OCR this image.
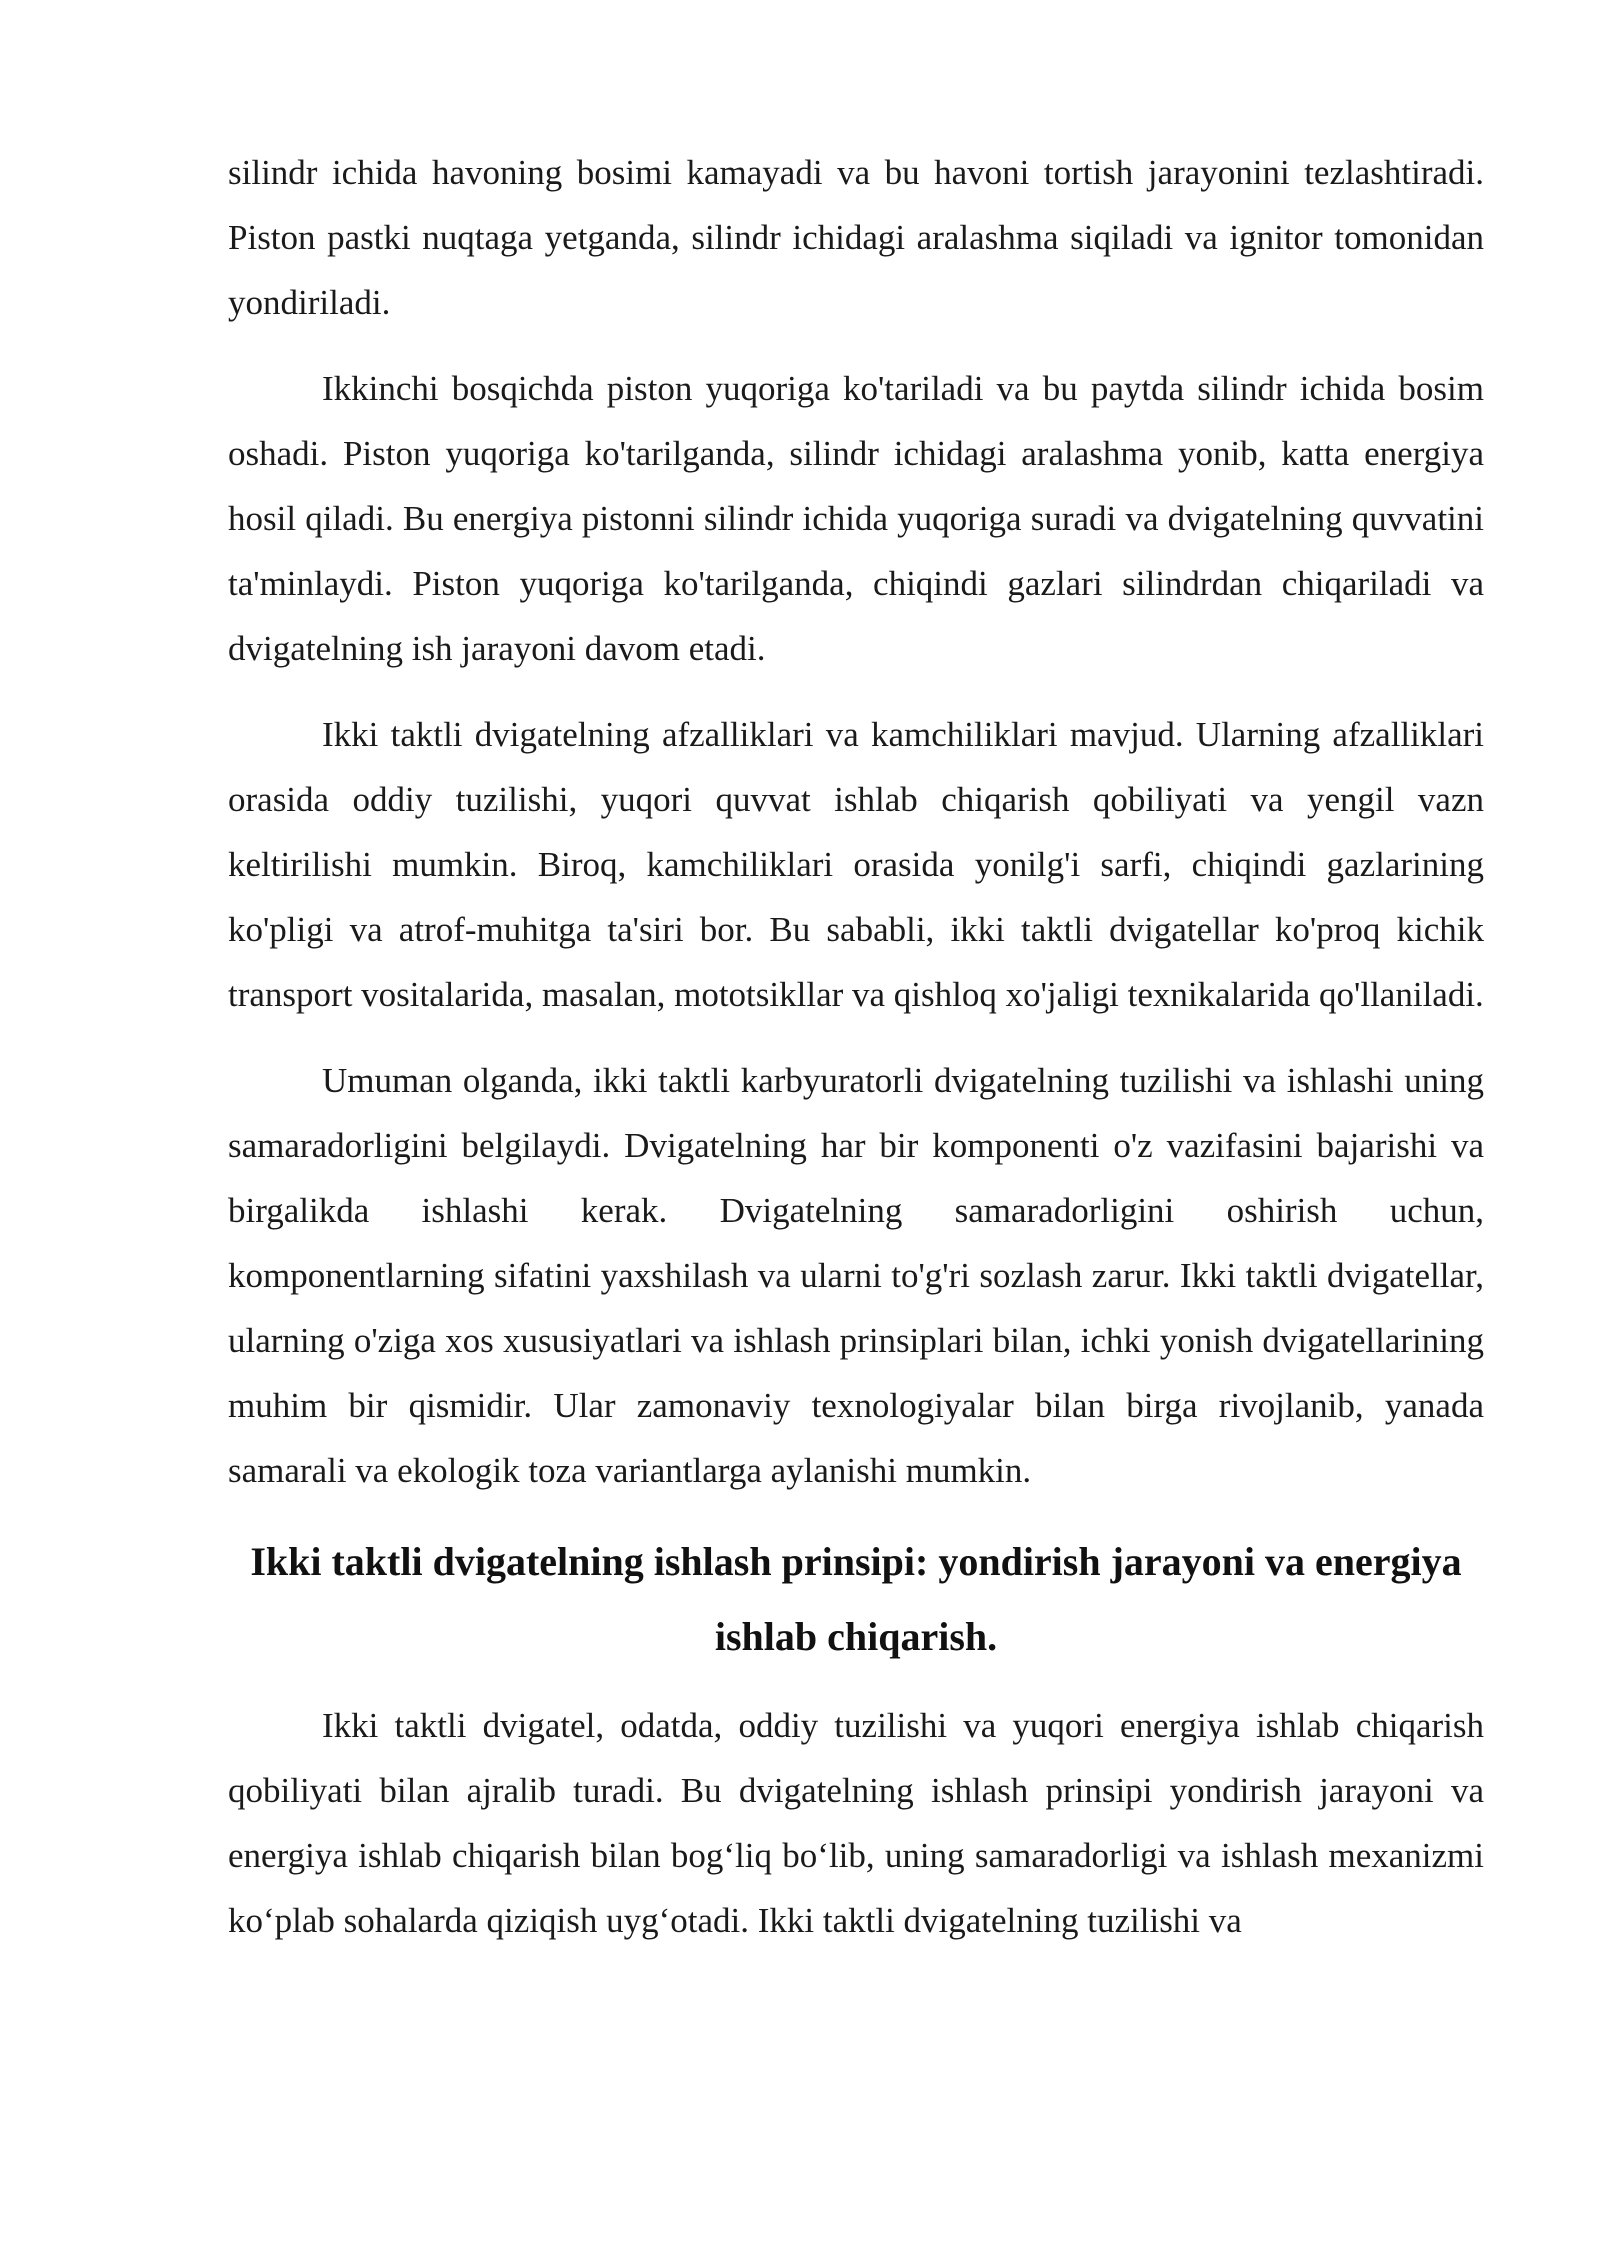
silindr ichida havoning bosimi kamayadi va bu havoni tortish jarayonini tezlashtiradi. Piston pastki nuqtaga yetganda, silindr ichidagi aralashma siqiladi va ignitor tomonidan yondiriladi.

Ikkinchi bosqichda piston yuqoriga ko'tariladi va bu paytda silindr ichida bosim oshadi. Piston yuqoriga ko'tarilganda, silindr ichidagi aralashma yonib, katta energiya hosil qiladi. Bu energiya pistonni silindr ichida yuqoriga suradi va dvigatelning quvvatini ta'minlaydi. Piston yuqoriga ko'tarilganda, chiqindi gazlari silindrdan chiqariladi va dvigatelning ish jarayoni davom etadi.

Ikki taktli dvigatelning afzalliklari va kamchiliklari mavjud. Ularning afzalliklari orasida oddiy tuzilishi, yuqori quvvat ishlab chiqarish qobiliyati va yengil vazn keltirilishi mumkin. Biroq, kamchiliklari orasida yonilg'i sarfi, chiqindi gazlarining ko'pligi va atrof-muhitga ta'siri bor. Bu sababli, ikki taktli dvigatellar ko'proq kichik transport vositalarida, masalan, mototsikllar va qishloq xo'jaligi texnikalarida qo'llaniladi.

Umuman olganda, ikki taktli karbyuratorli dvigatelning tuzilishi va ishlashi uning samaradorligini belgilaydi. Dvigatelning har bir komponenti o'z vazifasini bajarishi va birgalikda ishlashi kerak. Dvigatelning samaradorligini oshirish uchun, komponentlarning sifatini yaxshilash va ularni to'g'ri sozlash zarur. Ikki taktli dvigatellar, ularning o'ziga xos xususiyatlari va ishlash prinsiplari bilan, ichki yonish dvigatellarining muhim bir qismidir. Ular zamonaviy texnologiyalar bilan birga rivojlanib, yanada samarali va ekologik toza variantlarga aylanishi mumkin.

Ikki taktli dvigatelning ishlash prinsipi: yondirish jarayoni va energiya ishlab chiqarish.

Ikki taktli dvigatel, odatda, oddiy tuzilishi va yuqori energiya ishlab chiqarish qobiliyati bilan ajralib turadi. Bu dvigatelning ishlash prinsipi yondirish jarayoni va energiya ishlab chiqarish bilan bog‘liq bo‘lib, uning samaradorligi va ishlash mexanizmi ko‘plab sohalarda qiziqish uyg‘otadi. Ikki taktli dvigatelning tuzilishi va
